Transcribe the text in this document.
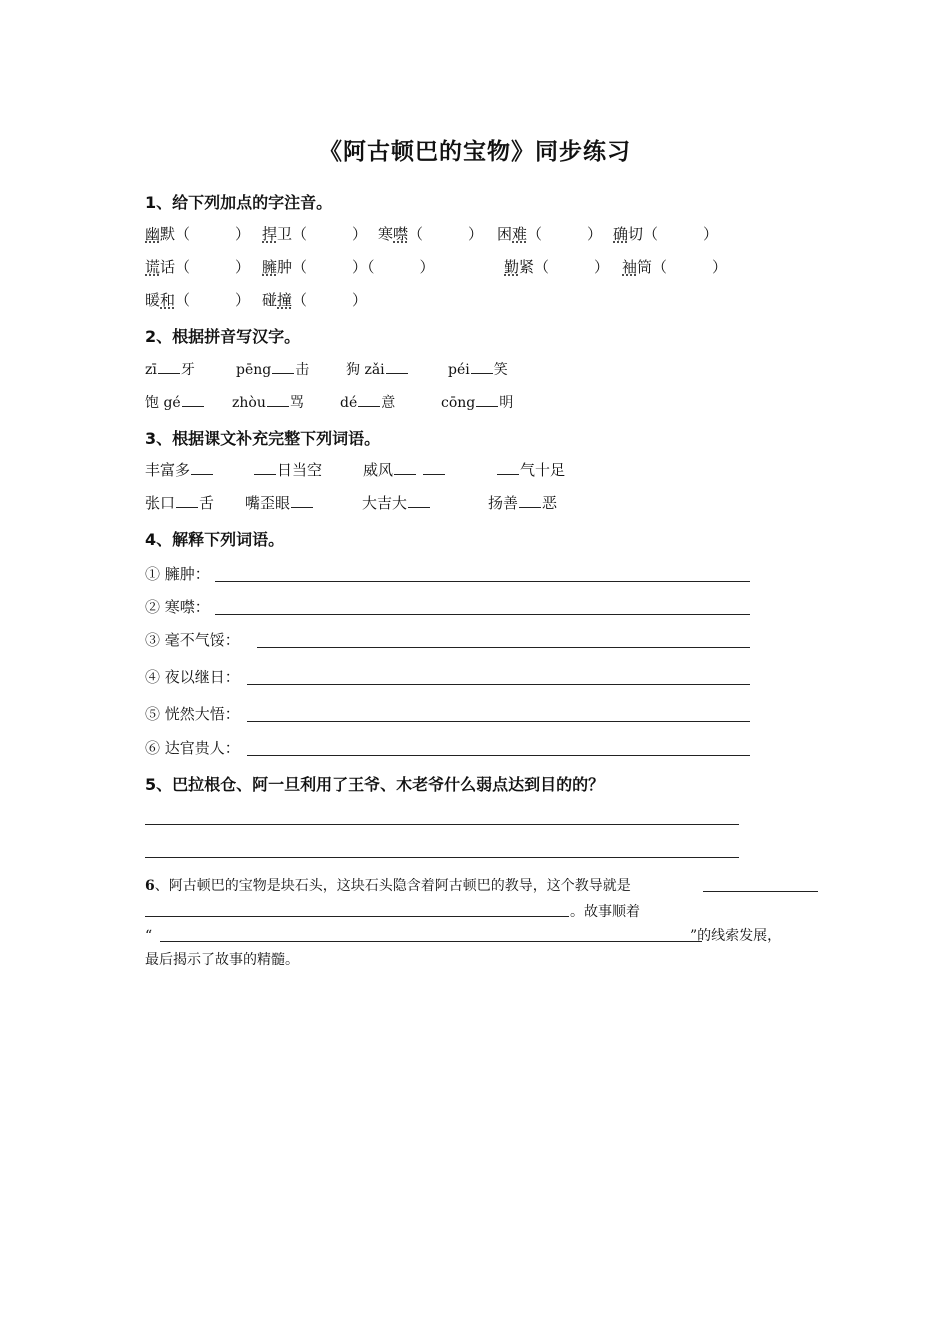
《阿古顿巴的宝物》同步练习
1、给下列加点的字注音。
幽默（　　　） 捍卫（　　　） 寒噤（　　　） 困难（　　　） 确切（　　　）
谎话（　　　） 臃肿（　　　）（　　　）	勤紧（　　　） 袖筒（　　　）
暖和（　　　） 碰撞（　　　）
2、根据拼音写汉字。
zī 牙	pēng 击	狗 zǎi	péi 笑
饱 gé	zhòu 骂	dé 意	cōng 明
3、根据课文补充完整下列词语。
丰富多	日当空	威风	气十足
张口 舌 嘴歪眼	大吉大	扬善 恶
4、解释下列词语。
① 臃肿：
② 寒噤：
③ 毫不气馁：
④ 夜以继日：
⑤ 恍然大悟：
⑥ 达官贵人：
5、巴拉根仓、阿一旦利用了王爷、木老爷什么弱点达到目的的？
6、阿古顿巴的宝物是块石头，这块石头隐含着阿古顿巴的教导，这个教导就是
。故事顺着
“	”的线索发展，
最后揭示了故事的精髓。
